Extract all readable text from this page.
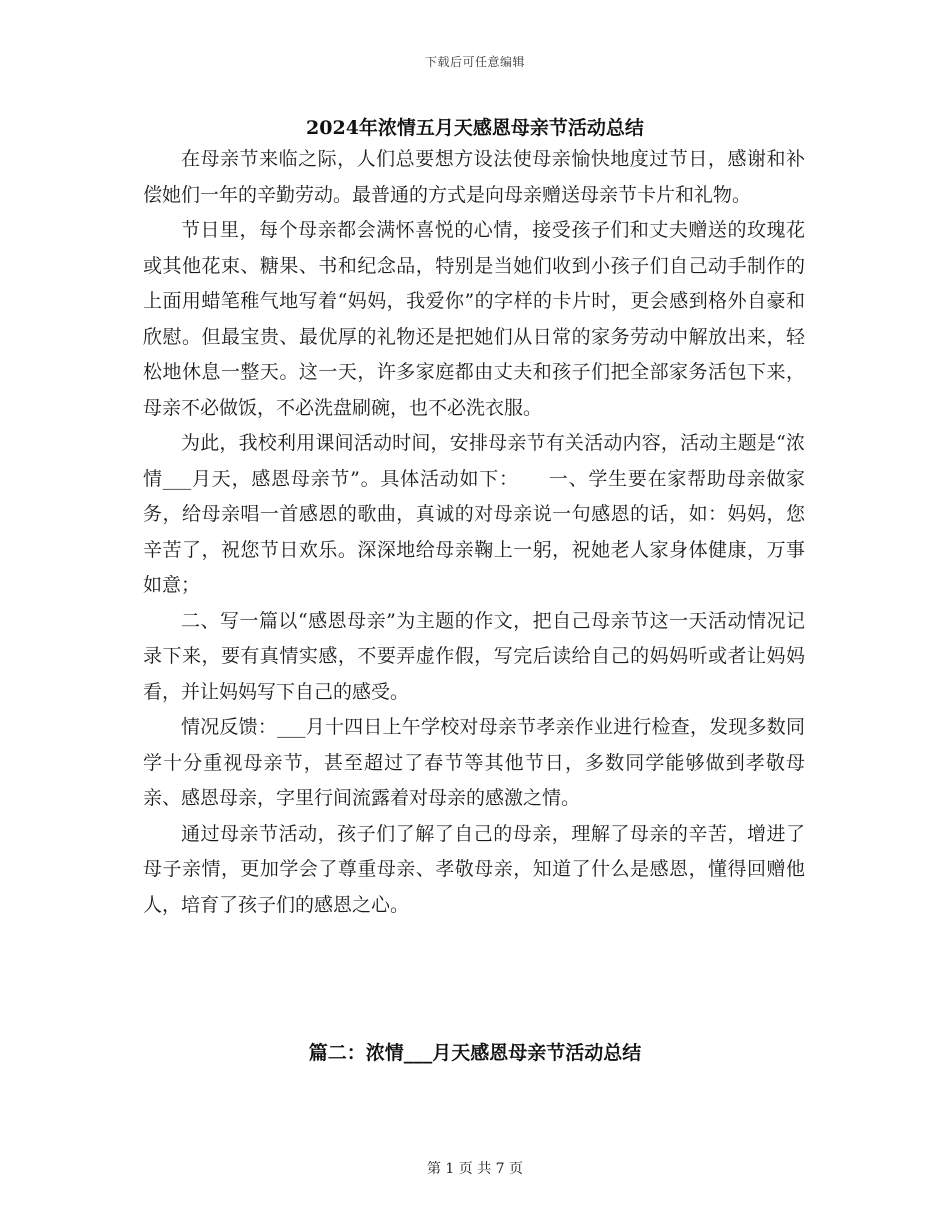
下载后可任意编辑
2024年浓情五月天感恩母亲节活动总结

在母亲节来临之际，人们总要想方设法使母亲愉快地度过节日，感谢和补偿她们一年的辛勤劳动。最普通的方式是向母亲赠送母亲节卡片和礼物。

节日里，每个母亲都会满怀喜悦的心情，接受孩子们和丈夫赠送的玫瑰花或其他花束、糖果、书和纪念品，特别是当她们收到小孩子们自己动手制作的上面用蜡笔稚气地写着“妈妈，我爱你”的字样的卡片时，更会感到格外自豪和欣慰。但最宝贵、最优厚的礼物还是把她们从日常的家务劳动中解放出来，轻松地休息一整天。这一天，许多家庭都由丈夫和孩子们把全部家务活包下来，母亲不必做饭，不必洗盘刷碗，也不必洗衣服。

为此，我校利用课间活动时间，安排母亲节有关活动内容，活动主题是“浓情___月天，感恩母亲节”。具体活动如下：　　一、学生要在家帮助母亲做家务，给母亲唱一首感恩的歌曲，真诚的对母亲说一句感恩的话，如：妈妈，您辛苦了，祝您节日欢乐。深深地给母亲鞠上一躬，祝她老人家身体健康，万事如意；

二、写一篇以“感恩母亲”为主题的作文，把自己母亲节这一天活动情况记录下来，要有真情实感，不要弄虚作假，写完后读给自己的妈妈听或者让妈妈看，并让妈妈写下自己的感受。

情况反馈：___月十四日上午学校对母亲节孝亲作业进行检查，发现多数同学十分重视母亲节，甚至超过了春节等其他节日，多数同学能够做到孝敬母亲、感恩母亲，字里行间流露着对母亲的感激之情。

通过母亲节活动，孩子们了解了自己的母亲，理解了母亲的辛苦，增进了母子亲情，更加学会了尊重母亲、孝敬母亲，知道了什么是感恩，懂得回赠他人，培育了孩子们的感恩之心。

篇二：浓情___月天感恩母亲节活动总结
第 1 页 共 7 页
